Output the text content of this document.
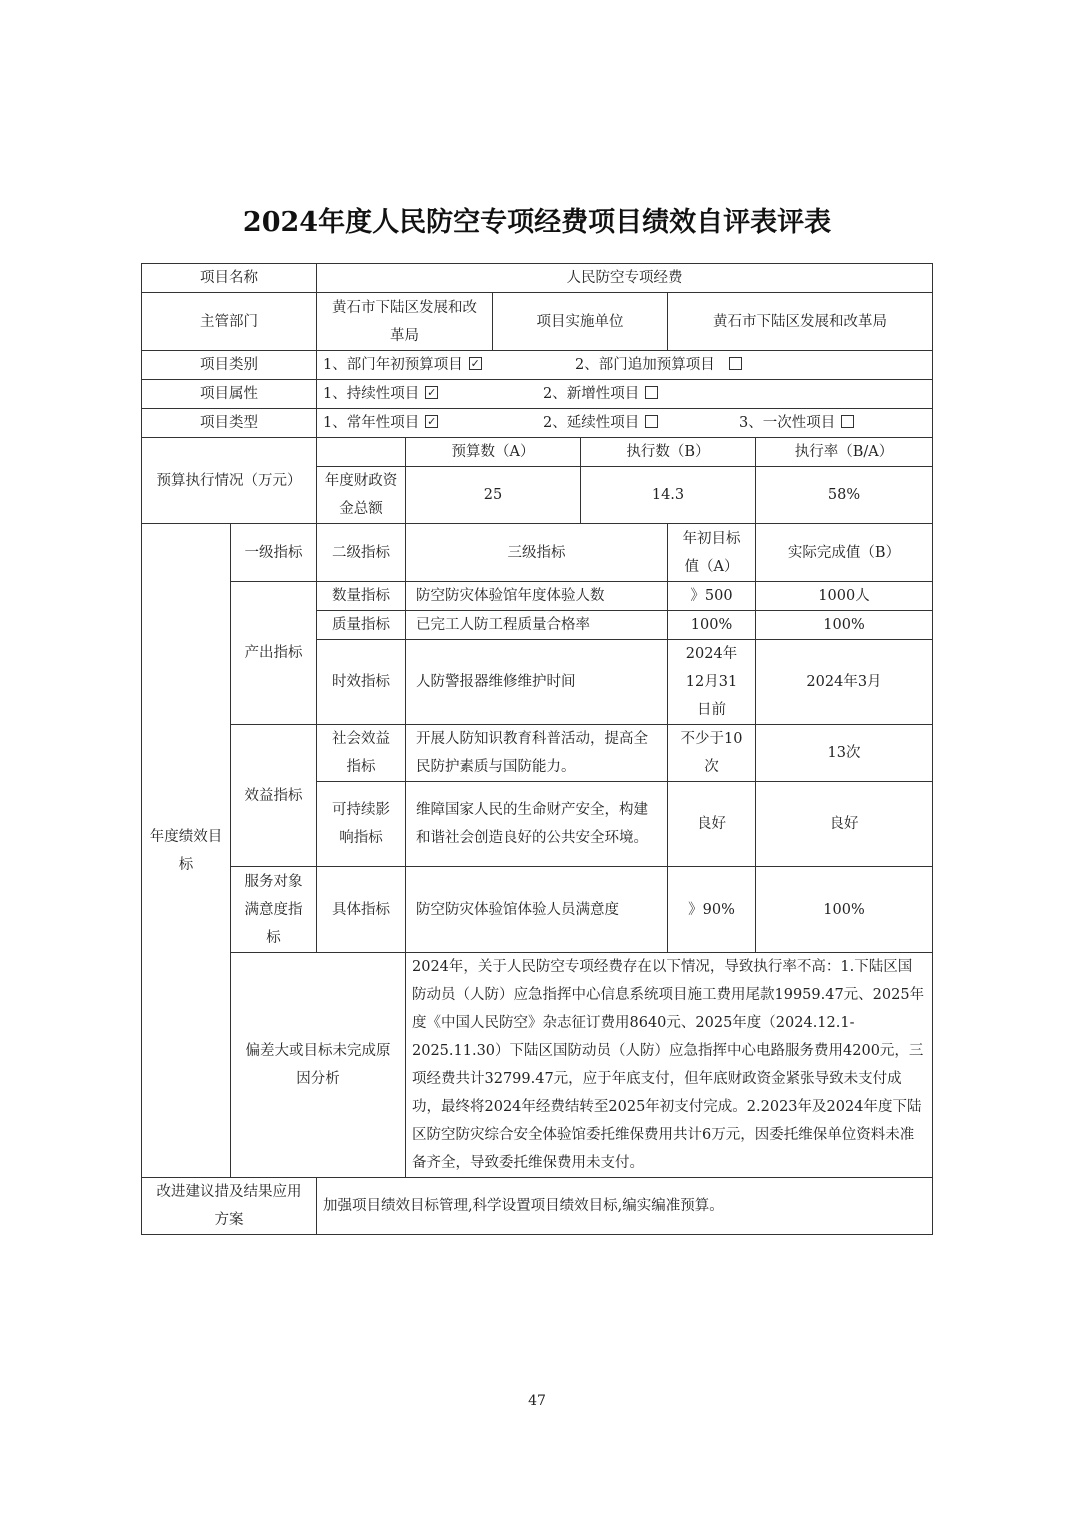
2024年度人民防空专项经费项目绩效自评表评表
项目名称		人民防空专项经费					
主管部门		黄石市下陆区发展和改革局		项目实施单位		黄石市下陆区发展和改革局	
项目类别		1、部门年初预算项目 ✓ 2、部门追加预算项目
项目属性		1、持续性项目 ✓ 2、新增性项目
项目类型		1、常年性项目 ✓ 2、延续性项目 3、一次性项目
预算执行情况（万元）			预算数（A）		执行数（B）		执行率（B/A）
		年度财政资金总额	25		14.3		58%
年度绩效目标	一级指标	二级指标	三级指标			年初目标值（A）	实际完成值（B）
	产出指标	数量指标	防空防灾体验馆年度体验人数			》500	1000人
		质量指标	已完工人防工程质量合格率			100%	100%
		时效指标	人防警报器维修维护时间			2024年12月31日前	2024年3月
	效益指标	社会效益指标	开展人防知识教育科普活动，提高全民防护素质与国防能力。			不少于10次	13次
		可持续影响指标	维障国家人民的生命财产安全，构建和谐社会创造良好的公共安全环境。			良好	良好
	服务对象满意度指标	具体指标	防空防灾体验馆体验人员满意度			》90%	100%
	偏差大或目标未完成原因分析		2024年，关于人民防空专项经费存在以下情况，导致执行率不高：1.下陆区国防动员（人防）应急指挥中心信息系统项目施工费用尾款19959.47元、2025年度《中国人民防空》杂志征订费用8640元、2025年度（2024.12.1-2025.11.30）下陆区国防动员（人防）应急指挥中心电路服务费用4200元，三项经费共计32799.47元，应于年底支付，但年底财政资金紧张导致未支付成功，最终将2024年经费结转至2025年初支付完成。2.2023年及2024年度下陆区防空防灾综合安全体验馆委托维保费用共计6万元，因委托维保单位资料未准备齐全，导致委托维保费用未支付。				
改进建议措及结果应用方案		加强项目绩效目标管理,科学设置项目绩效目标,编实编准预算。					
47
